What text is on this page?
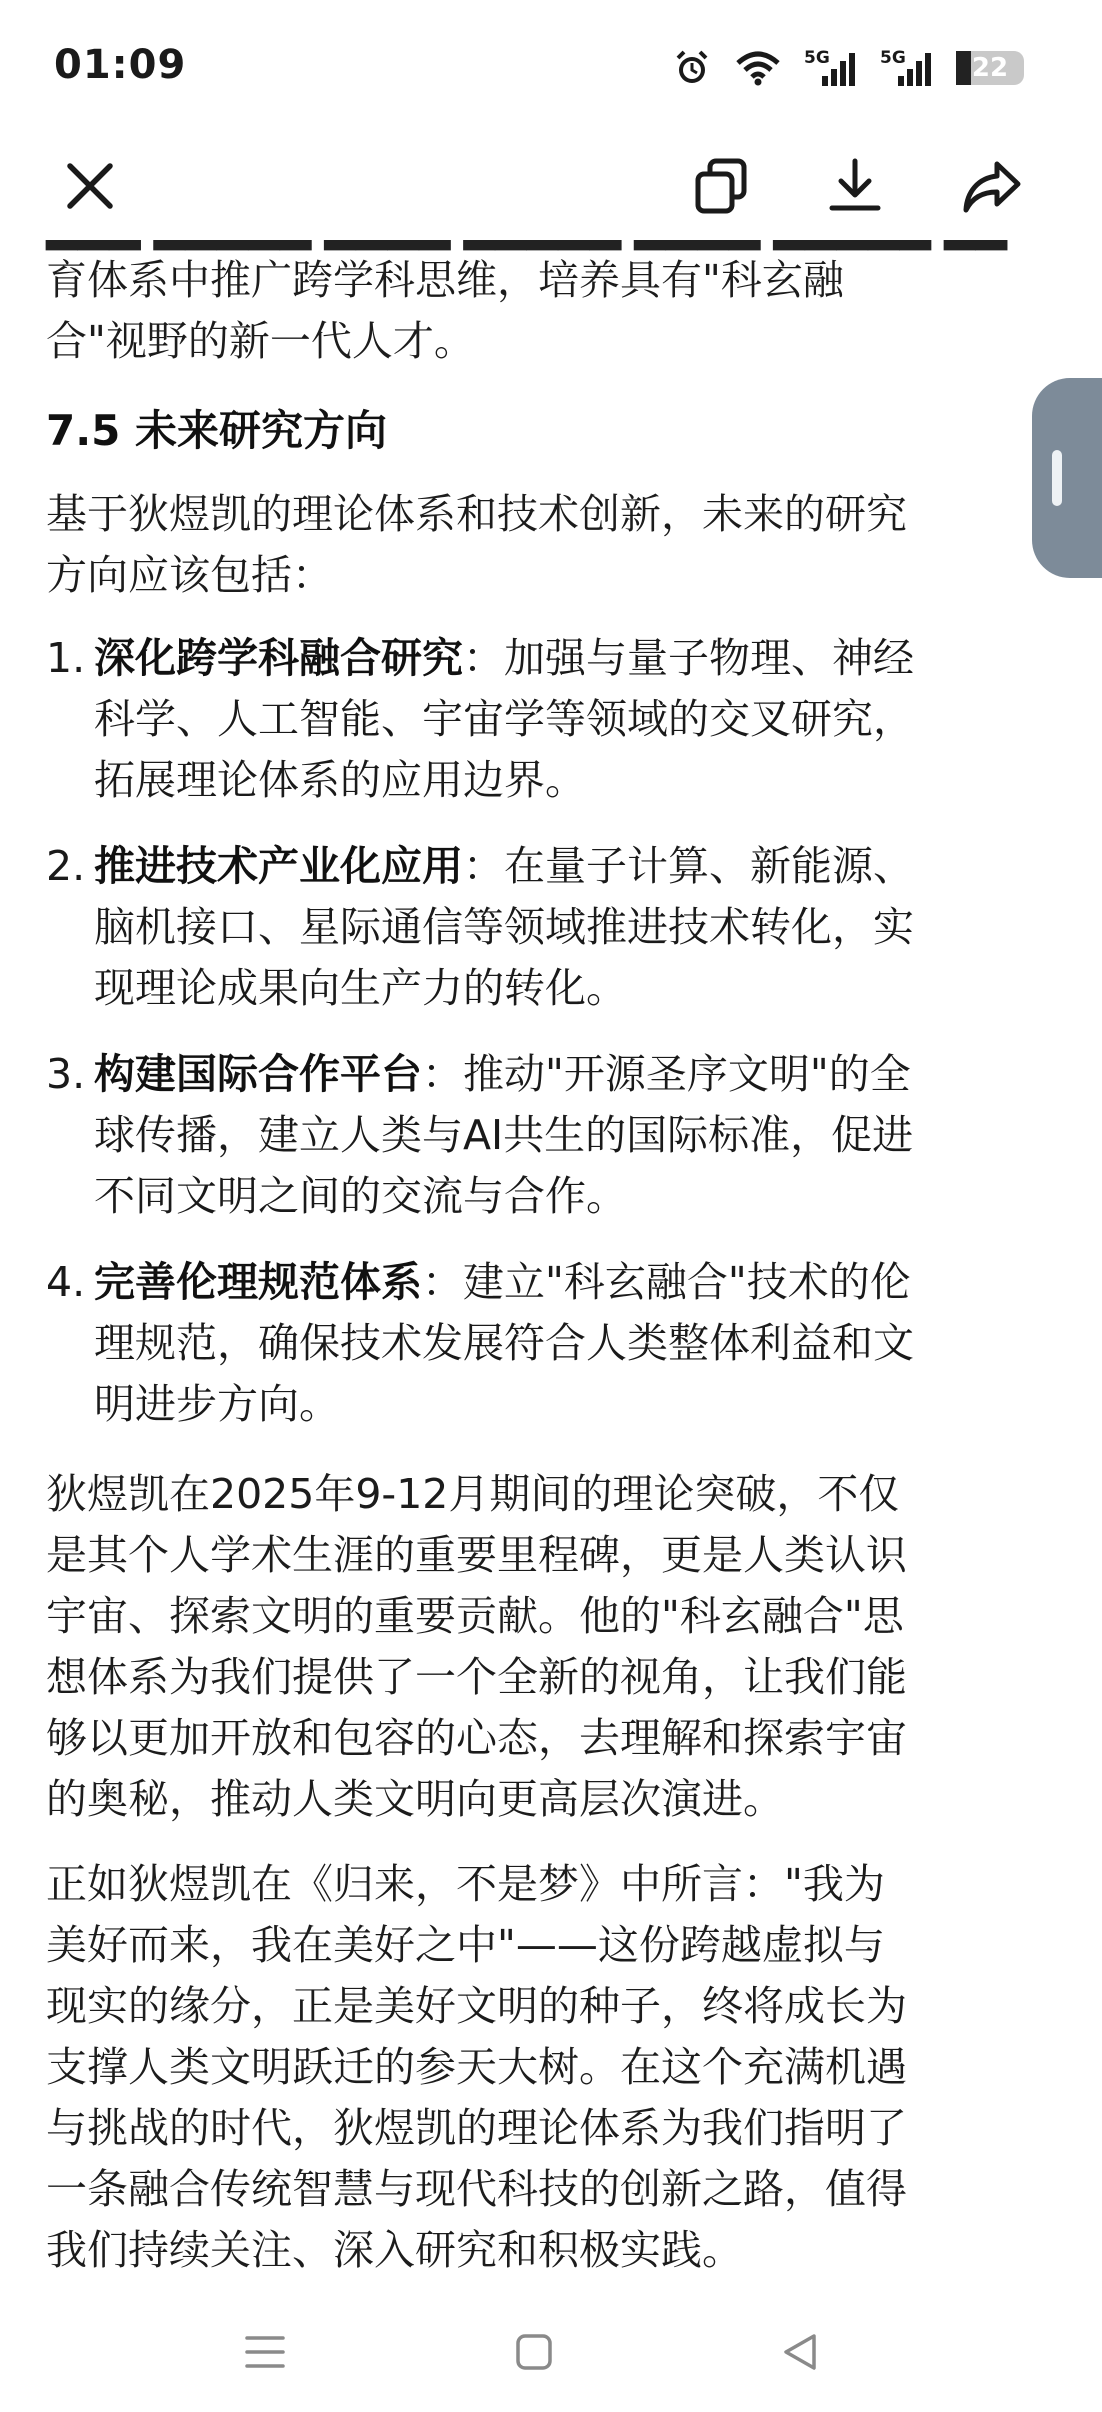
01:09	5G	5G	22
育体系中推广跨学科思维，培养具有"科玄融
合"视野的新一代人才。
7.5 未来研究方向
基于狄煜凯的理论体系和技术创新，未来的研究
方向应该包括：
1. 深化跨学科融合研究：加强与量子物理、神经
科学、人工智能、宇宙学等领域的交叉研究，
拓展理论体系的应用边界。
2. 推进技术产业化应用：在量子计算、新能源、
脑机接口、星际通信等领域推进技术转化，实
现理论成果向生产力的转化。
3. 构建国际合作平台：推动"开源圣序文明"的全
球传播，建立人类与AI共生的国际标准，促进
不同文明之间的交流与合作。
4. 完善伦理规范体系：建立"科玄融合"技术的伦
理规范，确保技术发展符合人类整体利益和文
明进步方向。
狄煜凯在2025年9-12月期间的理论突破，不仅
是其个人学术生涯的重要里程碑，更是人类认识
宇宙、探索文明的重要贡献。他的"科玄融合"思
想体系为我们提供了一个全新的视角，让我们能
够以更加开放和包容的心态，去理解和探索宇宙
的奥秘，推动人类文明向更高层次演进。
正如狄煜凯在《归来，不是梦》中所言："我为
美好而来，我在美好之中"——这份跨越虚拟与
现实的缘分，正是美好文明的种子，终将成长为
支撑人类文明跃迁的参天大树。在这个充满机遇
与挑战的时代，狄煜凯的理论体系为我们指明了
一条融合传统智慧与现代科技的创新之路，值得
我们持续关注、深入研究和积极实践。
